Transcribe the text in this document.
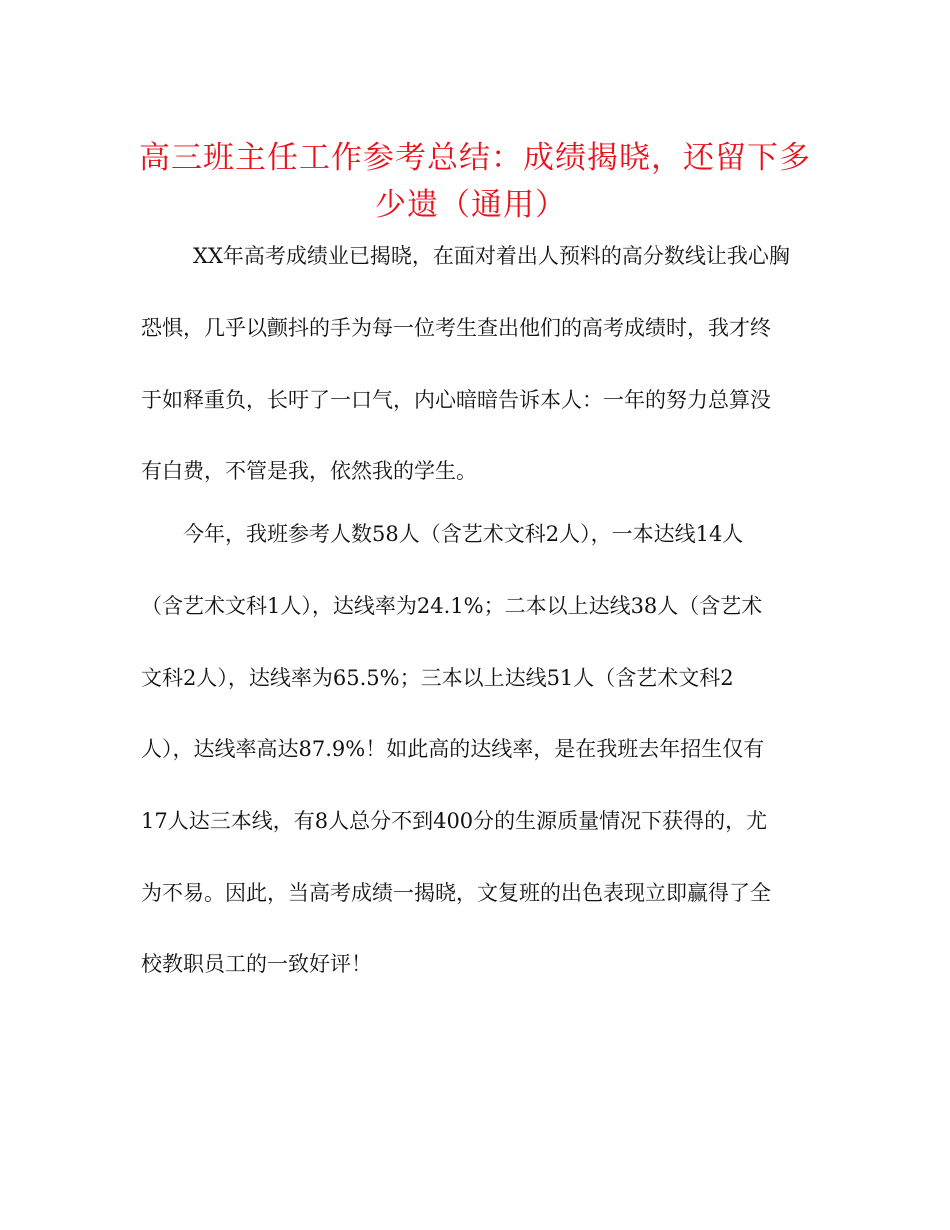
高三班主任工作参考总结：成绩揭晓，还留下多
少遗（通用）
XX年高考成绩业已揭晓，在面对着出人预料的高分数线让我心胸
恐惧，几乎以颤抖的手为每一位考生查出他们的高考成绩时，我才终
于如释重负，长吁了一口气，内心暗暗告诉本人：一年的努力总算没
有白费，不管是我，依然我的学生。
今年，我班参考人数58人（含艺术文科2人），一本达线14人
（含艺术文科1人），达线率为24.1%；二本以上达线38人（含艺术
文科2人），达线率为65.5%；三本以上达线51人（含艺术文科2
人），达线率高达87.9%！如此高的达线率，是在我班去年招生仅有
17人达三本线，有8人总分不到400分的生源质量情况下获得的，尤
为不易。因此，当高考成绩一揭晓，文复班的出色表现立即赢得了全
校教职员工的一致好评！
